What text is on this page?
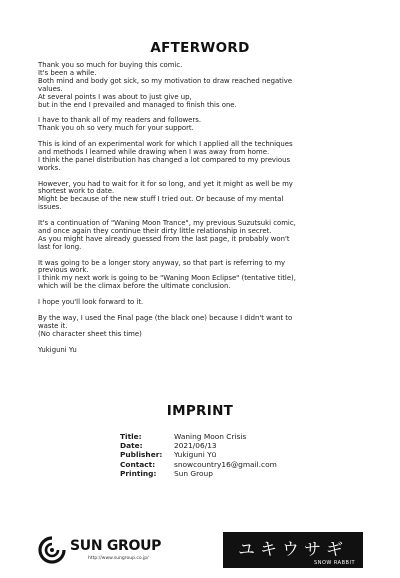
AFTERWORD
Thank you so much for buying this comic.
It's been a while.
Both mind and body got sick, so my motivation to draw reached negative
values.
At several points I was about to just give up,
but in the end I prevailed and managed to finish this one.
I have to thank all of my readers and followers.
Thank you oh so very much for your support.
This is kind of an experimental work for which I applied all the techniques
and methods I learned while drawing when I was away from home.
I think the panel distribution has changed a lot compared to my previous
works.
However, you had to wait for it for so long, and yet it might as well be my
shortest work to date.
Might be because of the new stuff I tried out. Or because of my mental
issues.
It's a continuation of "Waning Moon Trance", my previous Suzutsuki comic,
and once again they continue their dirty little relationship in secret.
As you might have already guessed from the last page, it probably won't
last for long.
It was going to be a longer story anyway, so that part is referring to my
previous work.
I think my next work is going to be "Waning Moon Eclipse" (tentative title),
which will be the climax before the ultimate conclusion.
I hope you'll look forward to it.
By the way, I used the Final page (the black one) because I didn't want to
waste it.
(No character sheet this time)
Yukiguni Yu
IMPRINT
Title:	Waning Moon Crisis
Date:	2021/06/13
Publisher:	Yukiguni Yū
Contact:	snowcountry16@gmail.com
Printing:	Sun Group
SUN GROUP
http://www.sungroup.co.jp/	ユキウサギ
SNOW RABBIT
